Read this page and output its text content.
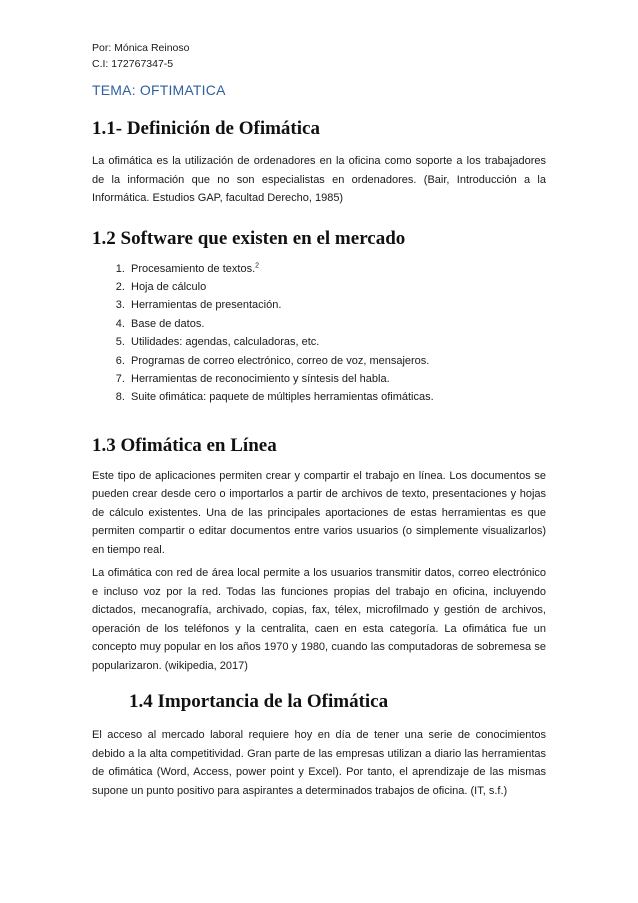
Por: Mónica Reinoso
C.I: 172767347-5
TEMA: OFTIMATICA
1.1- Definición de Ofimática

La ofimática es la utilización de ordenadores en la oficina como soporte a los trabajadores de la información que no son especialistas en ordenadores. (Bair, Introducción a la Informática. Estudios GAP, facultad Derecho, 1985)

1.2 Software que existen en el mercado
1. Procesamiento de textos.$^2$
2. Hoja de cálculo
3. Herramientas de presentación.
4. Base de datos.
5. Utilidades: agendas, calculadoras, etc.
6. Programas de correo electrónico, correo de voz, mensajeros.
7. Herramientas de reconocimiento y síntesis del habla.
8. Suite ofimática: paquete de múltiples herramientas ofimáticas.
1.3 Ofimática en Línea

Este tipo de aplicaciones permiten crear y compartir el trabajo en línea. Los documentos se pueden crear desde cero o importarlos a partir de archivos de texto, presentaciones y hojas de cálculo existentes. Una de las principales aportaciones de estas herramientas es que permiten compartir o editar documentos entre varios usuarios (o simplemente visualizarlos) en tiempo real.

La ofimática con red de área local permite a los usuarios transmitir datos, correo electrónico e incluso voz por la red. Todas las funciones propias del trabajo en oficina, incluyendo dictados, mecanografía, archivado, copias, fax, télex, microfilmado y gestión de archivos, operación de los teléfonos y la centralita, caen en esta categoría. La ofimática fue un concepto muy popular en los años 1970 y 1980, cuando las computadoras de sobremesa se popularizaron. (wikipedia, 2017)

1.4 Importancia de la Ofimática

El acceso al mercado laboral requiere hoy en día de tener una serie de conocimientos debido a la alta competitividad. Gran parte de las empresas utilizan a diario las herramientas de ofimática (Word, Access, power point y Excel). Por tanto, el aprendizaje de las mismas supone un punto positivo para aspirantes a determinados trabajos de oficina. (IT, s.f.)
